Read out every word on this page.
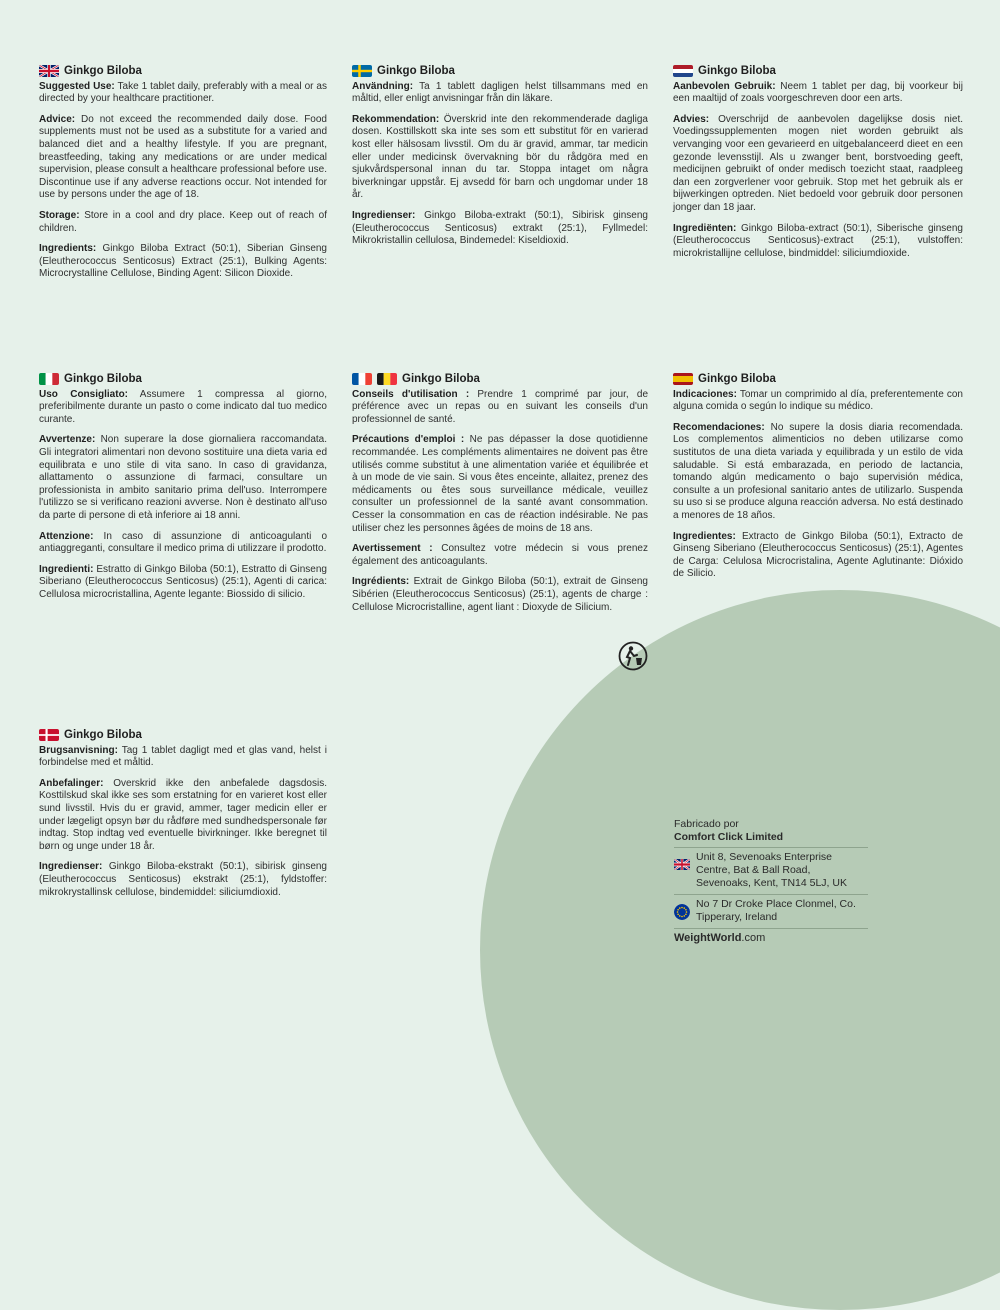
Ginkgo Biloba

Suggested Use: Take 1 tablet daily, preferably with a meal or as directed by your healthcare practitioner.

Advice: Do not exceed the recommended daily dose. Food supplements must not be used as a substitute for a varied and balanced diet and a healthy lifestyle. If you are pregnant, breastfeeding, taking any medications or are under medical supervision, please consult a healthcare professional before use. Discontinue use if any adverse reactions occur. Not intended for use by persons under the age of 18.

Storage: Store in a cool and dry place. Keep out of reach of children.

Ingredients: Ginkgo Biloba Extract (50:1), Siberian Ginseng (Eleutherococcus Senticosus) Extract (25:1), Bulking Agents: Microcrystalline Cellulose, Binding Agent: Silicon Dioxide.

Ginkgo Biloba

Användning: Ta 1 tablett dagligen helst tillsammans med en måltid, eller enligt anvisningar från din läkare.

Rekommendation: Överskrid inte den rekommenderade dagliga dosen. Kosttillskott ska inte ses som ett substitut för en varierad kost eller hälsosam livsstil. Om du är gravid, ammar, tar medicin eller under medicinsk övervakning bör du rådgöra med en sjukvårdspersonal innan du tar. Stoppa intaget om några biverkningar uppstår. Ej avsedd för barn och ungdomar under 18 år.

Ingredienser: Ginkgo Biloba-extrakt (50:1), Sibirisk ginseng (Eleutherococcus Senticosus) extrakt (25:1), Fyllmedel: Mikrokristallin cellulosa, Bindemedel: Kiseldioxid.

Ginkgo Biloba

Aanbevolen Gebruik: Neem 1 tablet per dag, bij voorkeur bij een maaltijd of zoals voorgeschreven door een arts.

Advies: Overschrijd de aanbevolen dagelijkse dosis niet. Voedingssupplementen mogen niet worden gebruikt als vervanging voor een gevarieerd en uitgebalanceerd dieet en een gezonde levensstijl. Als u zwanger bent, borstvoeding geeft, medicijnen gebruikt of onder medisch toezicht staat, raadpleeg dan een zorgverlener voor gebruik. Stop met het gebruik als er bijwerkingen optreden. Niet bedoeld voor gebruik door personen jonger dan 18 jaar.

Ingrediënten: Ginkgo Biloba-extract (50:1), Siberische ginseng (Eleutherococcus Senticosus)-extract (25:1), vulstoffen: microkristallijne cellulose, bindmiddel: siliciumdioxide.

Ginkgo Biloba

Uso Consigliato: Assumere 1 compressa al giorno, preferibilmente durante un pasto o come indicato dal tuo medico curante.

Avvertenze: Non superare la dose giornaliera raccomandata. Gli integratori alimentari non devono sostituire una dieta varia ed equilibrata e uno stile di vita sano. In caso di gravidanza, allattamento o assunzione di farmaci, consultare un professionista in ambito sanitario prima dell'uso. Interrompere l'utilizzo se si verificano reazioni avverse. Non è destinato all'uso da parte di persone di età inferiore ai 18 anni.

Attenzione: In caso di assunzione di anticoagulanti o antiaggreganti, consultare il medico prima di utilizzare il prodotto.

Ingredienti: Estratto di Ginkgo Biloba (50:1), Estratto di Ginseng Siberiano (Eleutherococcus Senticosus) (25:1), Agenti di carica: Cellulosa microcristallina, Agente legante: Biossido di silicio.

Ginkgo Biloba

Conseils d'utilisation : Prendre 1 comprimé par jour, de préférence avec un repas ou en suivant les conseils d'un professionnel de santé.

Précautions d'emploi : Ne pas dépasser la dose quotidienne recommandée. Les compléments alimentaires ne doivent pas être utilisés comme substitut à une alimentation variée et équilibrée et à un mode de vie sain. Si vous êtes enceinte, allaitez, prenez des médicaments ou êtes sous surveillance médicale, veuillez consulter un professionnel de la santé avant consommation. Cesser la consommation en cas de réaction indésirable. Ne pas utiliser chez les personnes âgées de moins de 18 ans.

Avertissement : Consultez votre médecin si vous prenez également des anticoagulants.

Ingrédients: Extrait de Ginkgo Biloba (50:1), extrait de Ginseng Sibérien (Eleutherococcus Senticosus) (25:1), agents de charge : Cellulose Microcristalline, agent liant : Dioxyde de Silicium.

Ginkgo Biloba

Indicaciones: Tomar un comprimido al día, preferentemente con alguna comida o según lo indique su médico.

Recomendaciones: No supere la dosis diaria recomendada. Los complementos alimenticios no deben utilizarse como sustitutos de una dieta variada y equilibrada y un estilo de vida saludable. Si está embarazada, en periodo de lactancia, tomando algún medicamento o bajo supervisión médica, consulte a un profesional sanitario antes de utilizarlo. Suspenda su uso si se produce alguna reacción adversa. No está destinado a menores de 18 años.

Ingredientes: Extracto de Ginkgo Biloba (50:1), Extracto de Ginseng Siberiano (Eleutherococcus Senticosus) (25:1), Agentes de Carga: Celulosa Microcristalina, Agente Aglutinante: Dióxido de Silicio.

Ginkgo Biloba

Brugsanvisning: Tag 1 tablet dagligt med et glas vand, helst i forbindelse med et måltid.

Anbefalinger: Overskrid ikke den anbefalede dagsdosis. Kosttilskud skal ikke ses som erstatning for en varieret kost eller sund livsstil. Hvis du er gravid, ammer, tager medicin eller er under lægeligt opsyn bør du rådføre med sundhedspersonale før indtag. Stop indtag ved eventuelle bivirkninger. Ikke beregnet til børn og unge under 18 år.

Ingredienser: Ginkgo Biloba-ekstrakt (50:1), sibirisk ginseng (Eleutherococcus Senticosus) ekstrakt (25:1), fyldstoffer: mikrokrystallinsk cellulose, bindemiddel: siliciumdioxid.

Fabricado por
Comfort Click Limited
Unit 8, Sevenoaks Enterprise Centre, Bat & Ball Road, Sevenoaks, Kent, TN14 5LJ, UK
No 7 Dr Croke Place Clonmel, Co. Tipperary, Ireland
WeightWorld.com
